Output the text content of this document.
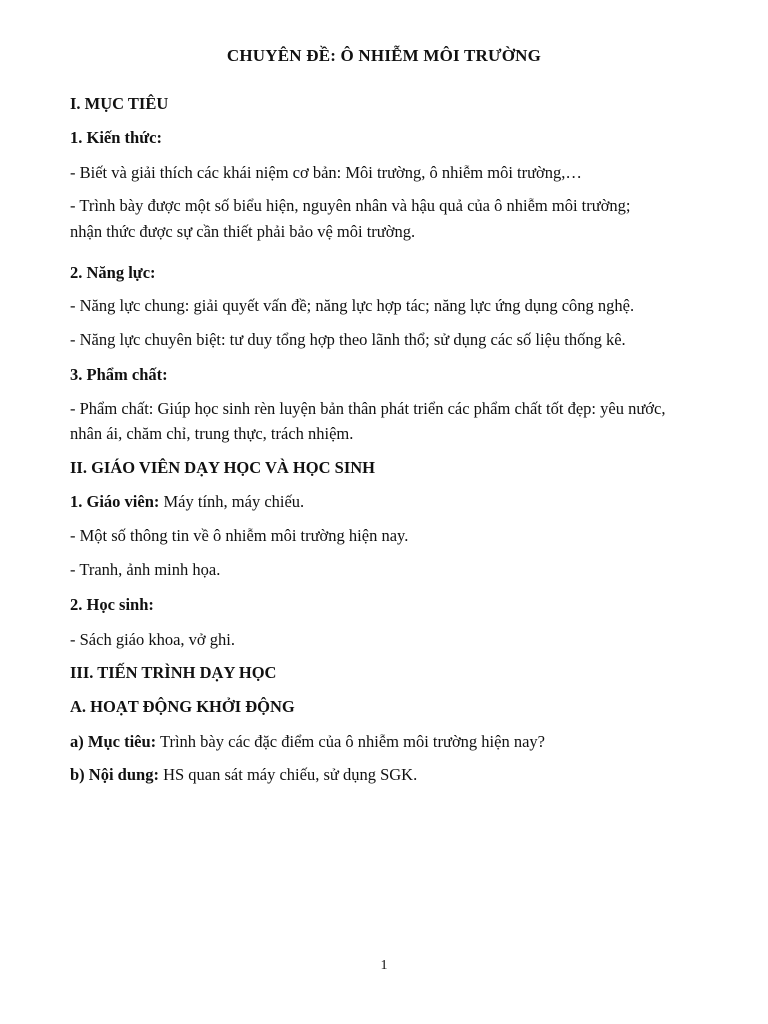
CHUYÊN ĐỀ: Ô NHIỄM MÔI TRƯỜNG
I. MỤC TIÊU
1. Kiến thức:
- Biết và giải thích các khái niệm cơ bản: Môi trường, ô nhiễm môi trường,…
- Trình bày được một số biểu hiện, nguyên nhân và hậu quả của ô nhiễm môi trường;
nhận thức được sự cần thiết phải bảo vệ môi trường.
2. Năng lực:
- Năng lực chung: giải quyết vấn đề; năng lực hợp tác; năng lực ứng dụng công nghệ.
- Năng lực chuyên biệt: tư duy tổng hợp theo lãnh thổ; sử dụng các số liệu thống kê.
3. Phẩm chất:
- Phẩm chất: Giúp học sinh rèn luyện bản thân phát triển các phẩm chất tốt đẹp: yêu nước,
nhân ái, chăm chỉ, trung thực, trách nhiệm.
II. GIÁO VIÊN DẠY HỌC VÀ HỌC SINH
1. Giáo viên: Máy tính, máy chiếu.
- Một số thông tin về ô nhiễm môi trường hiện nay.
- Tranh, ảnh minh họa.
2. Học sinh:
- Sách giáo khoa, vở ghi.
III. TIẾN TRÌNH DẠY HỌC
A. HOẠT ĐỘNG KHỞI ĐỘNG
a) Mục tiêu: Trình bày các đặc điểm của ô nhiễm môi trường hiện nay?
b) Nội dung: HS quan sát máy chiếu, sử dụng SGK.
1
